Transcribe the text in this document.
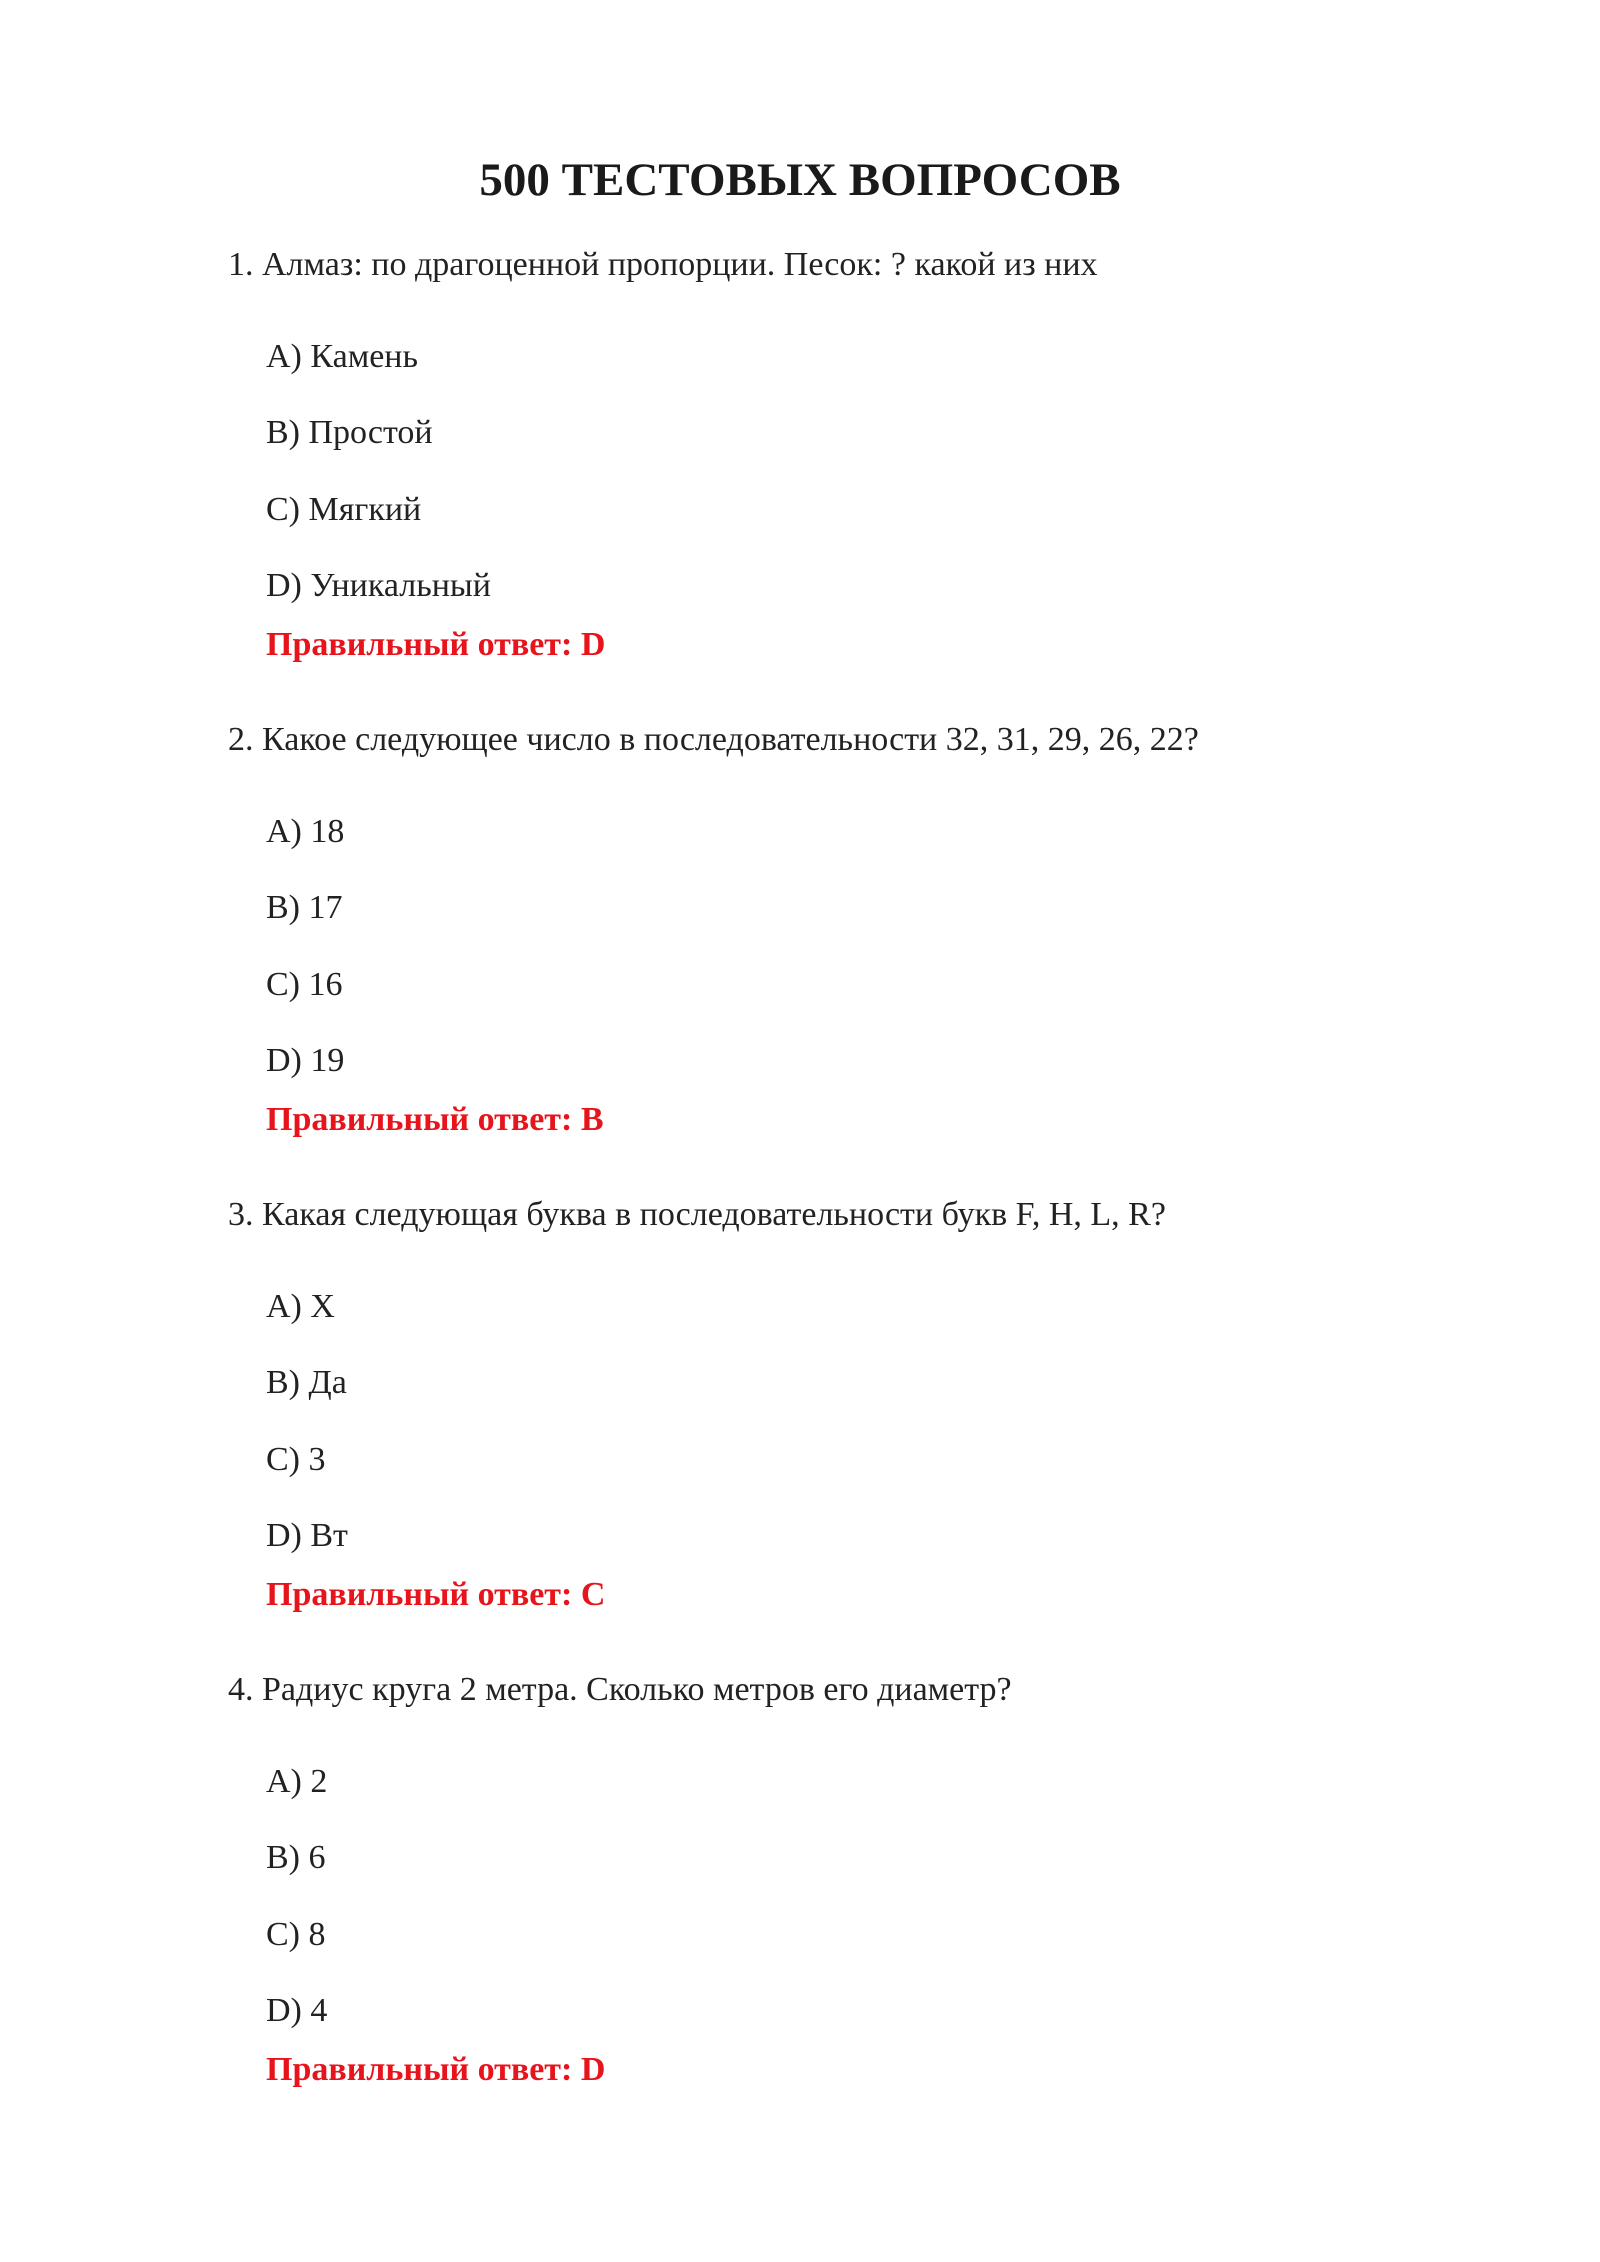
500 ТЕСТОВЫХ ВОПРОСОВ
1. Алмаз: по драгоценной пропорции. Песок: ? какой из них
A) Камень
B) Простой
C) Мягкий
D) Уникальный
Правильный ответ: D
2. Какое следующее число в последовательности 32, 31, 29, 26, 22?
A) 18
B) 17
C) 16
D) 19
Правильный ответ: B
3. Какая следующая буква в последовательности букв F, H, L, R?
A) X
B) Да
C) 3
D) Вт
Правильный ответ: C
4. Радиус круга 2 метра. Сколько метров его диаметр?
A) 2
B) 6
C) 8
D) 4
Правильный ответ: D
